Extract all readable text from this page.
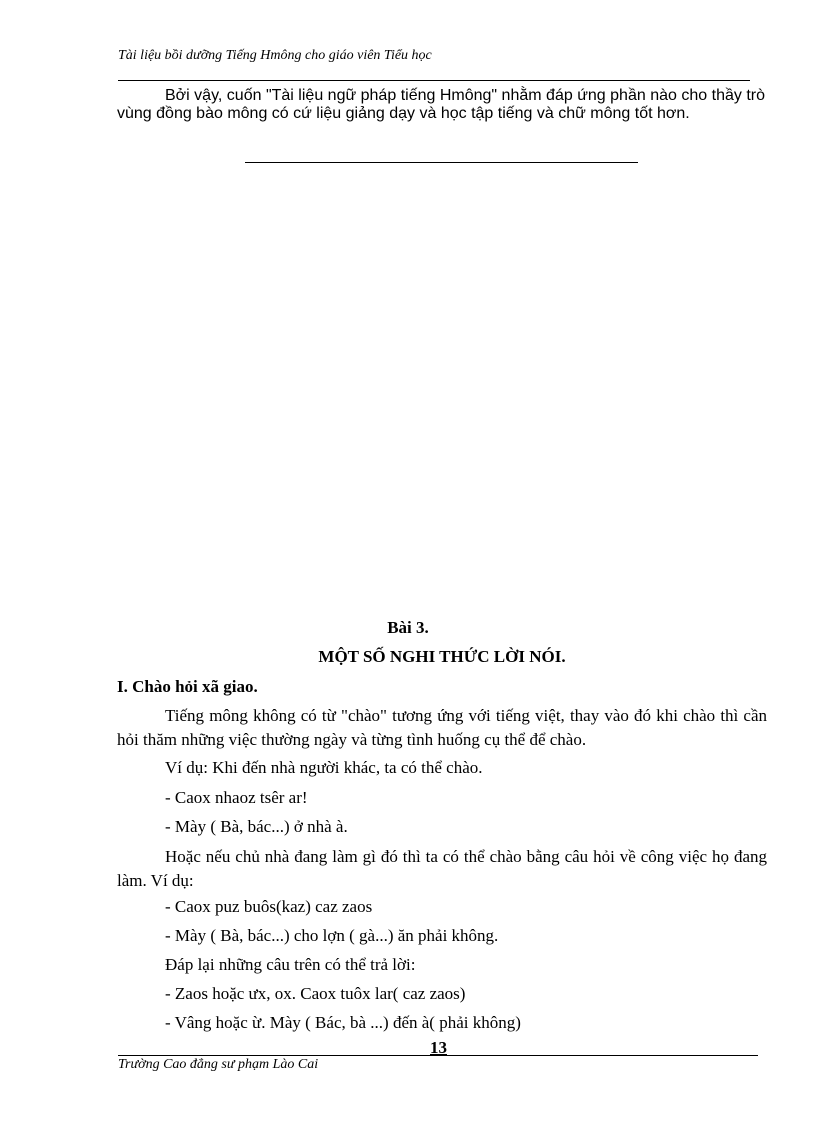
Tài liệu bồi dưỡng Tiếng Hmông cho giáo viên Tiểu học
Bởi vậy, cuốn "Tài liệu ngữ pháp tiếng Hmông" nhằm đáp ứng phần nào cho thầy trò vùng đồng bào mông có cứ liệu giảng dạy và học tập tiếng và chữ mông tốt hơn.
Bài 3.
MỘT SỐ NGHI THỨC LỜI NÓI.
I. Chào hỏi xã giao.
Tiếng mông không có từ "chào" tương ứng với tiếng việt, thay vào đó khi chào thì cần hỏi thăm những việc thường ngày và từng tình huống cụ thể để chào.
Ví dụ: Khi đến nhà người khác, ta có thể chào.
- Caox nhaoz tsêr ar!
- Mày ( Bà, bác...) ở nhà à.
Hoặc nếu chủ nhà đang làm gì đó thì ta có thể chào bằng câu hỏi về công việc họ đang làm. Ví dụ:
- Caox puz buôs(kaz) caz zaos
- Mày ( Bà, bác...) cho lợn ( gà...) ăn phải không.
Đáp lại những câu trên có thể trả lời:
- Zaos hoặc ưx, ox. Caox tuôx lar( caz zaos)
- Vâng hoặc ừ. Mày ( Bác, bà ...) đến à( phải không)
13
Trường Cao đẳng sư phạm Lào Cai
